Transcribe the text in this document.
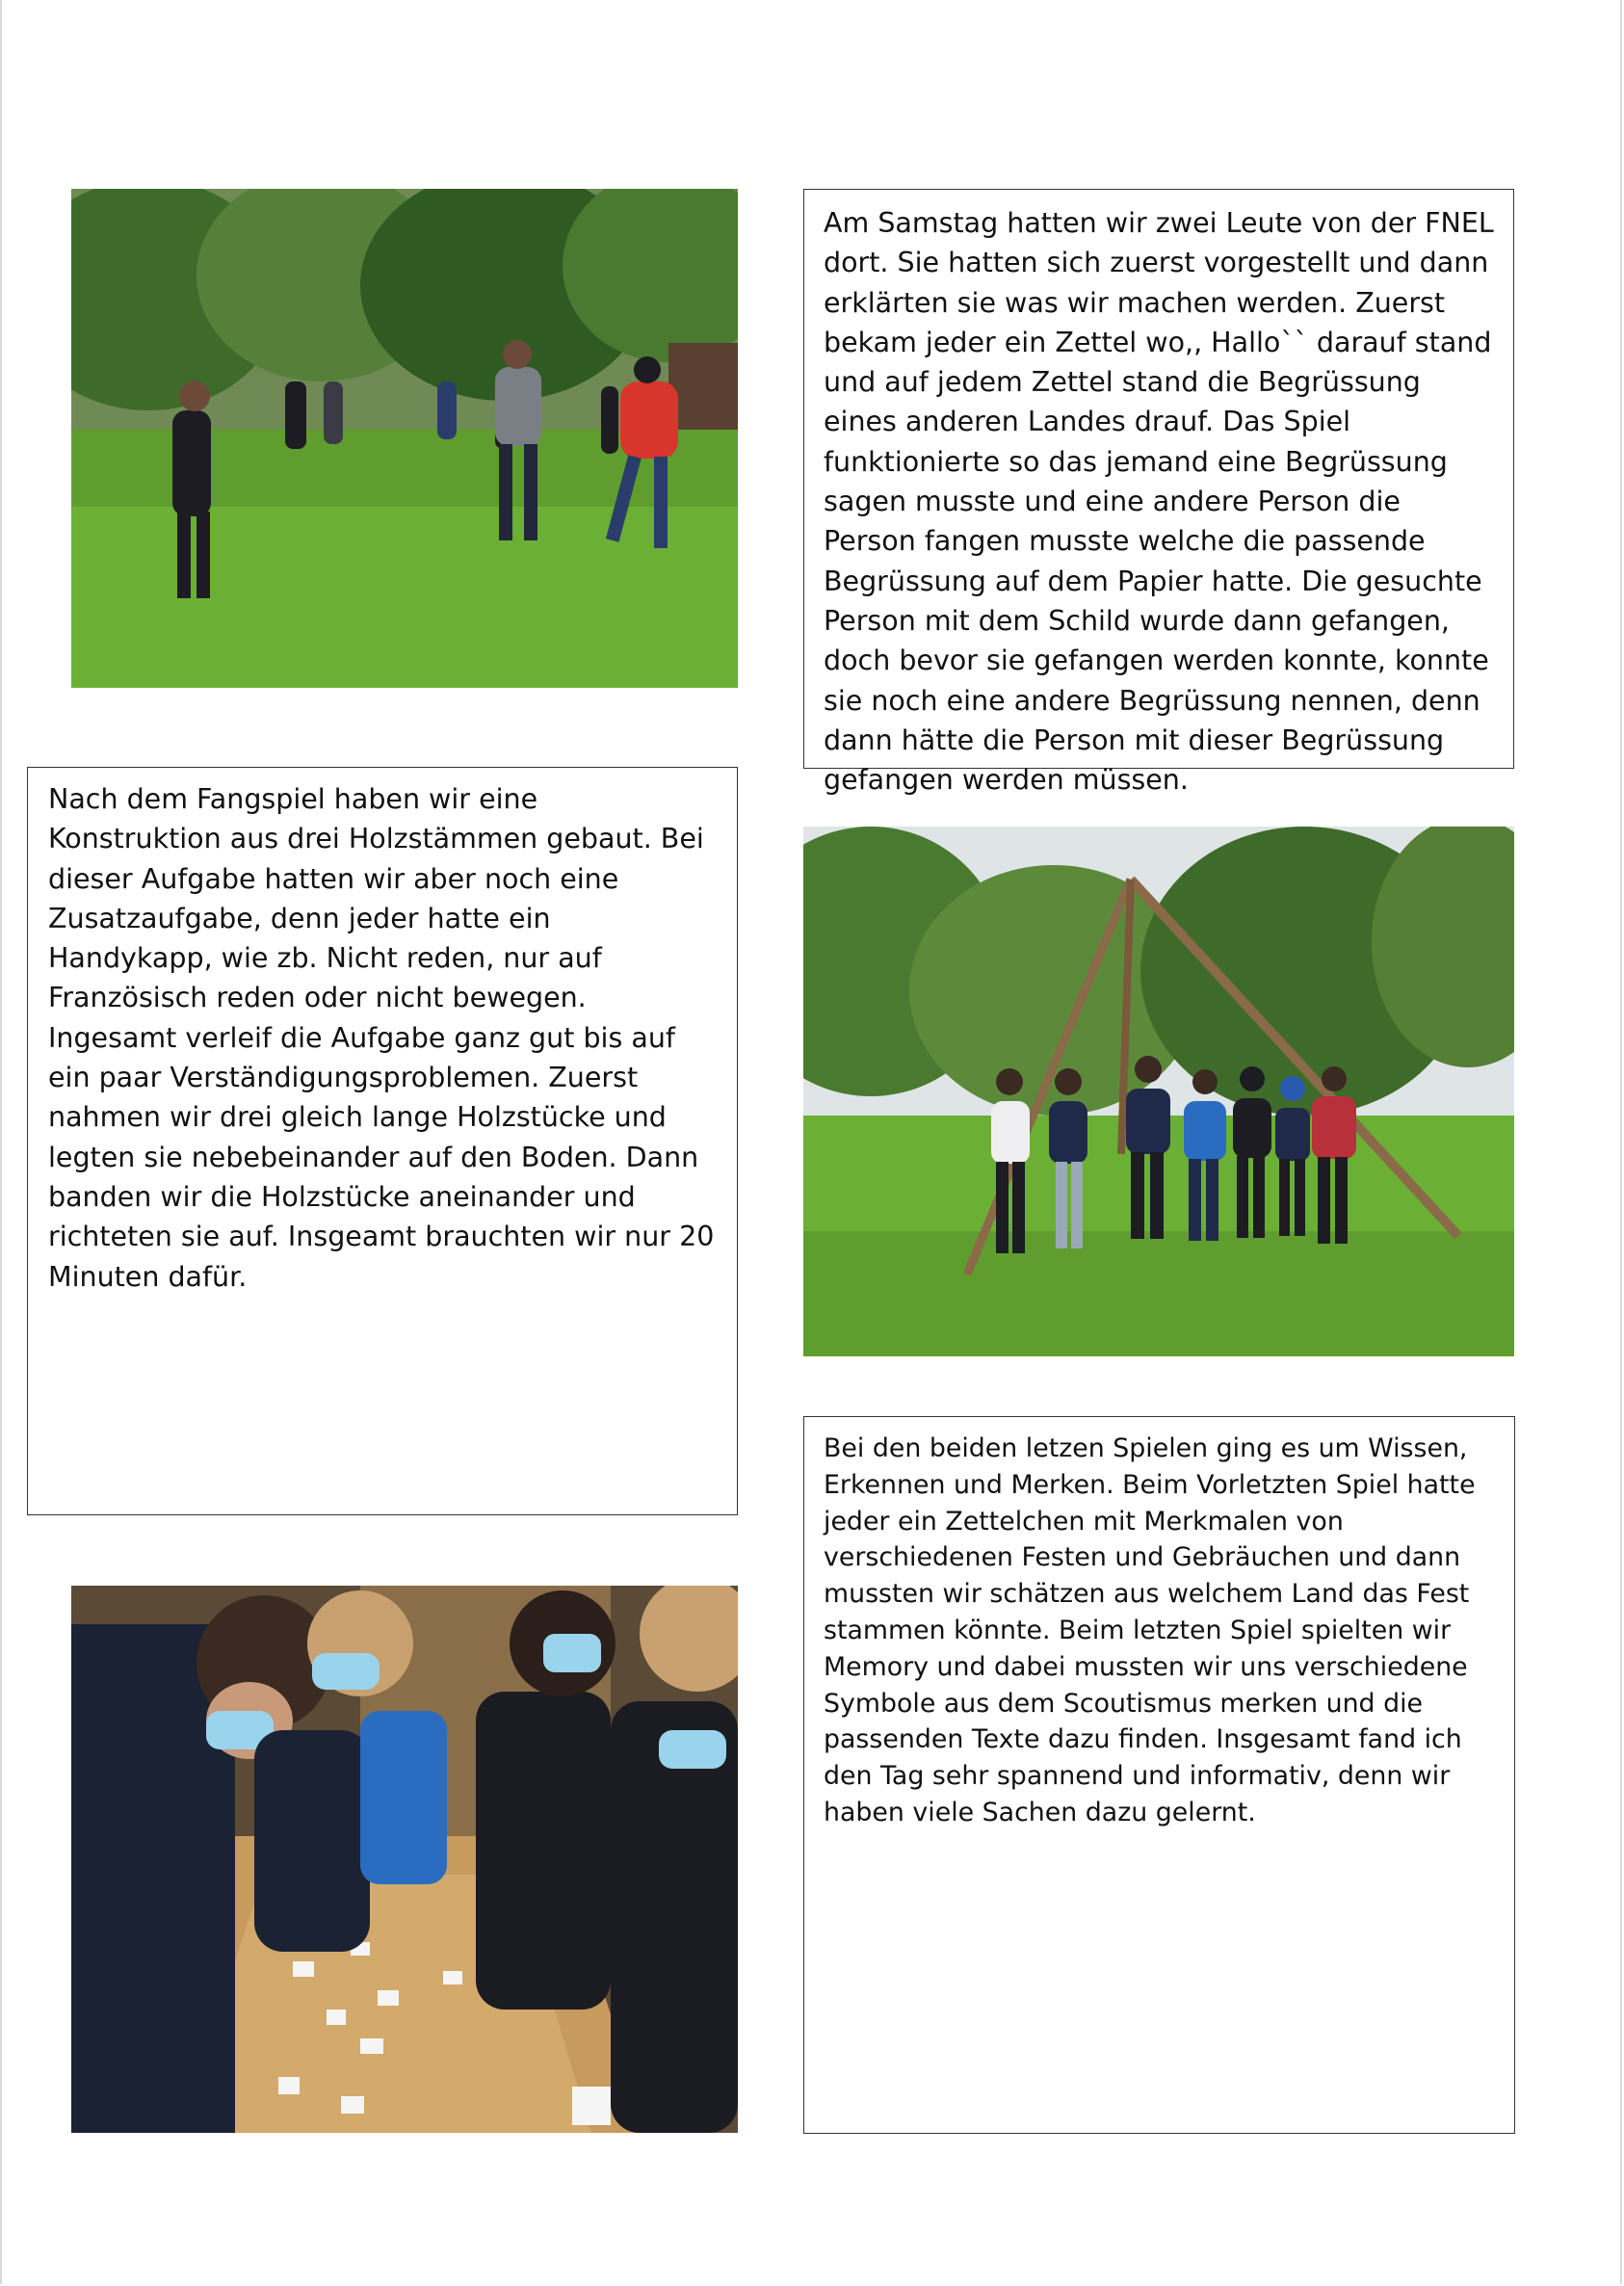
Am Samstag hatten wir zwei Leute von der FNEL dort. Sie hatten sich zuerst vorgestellt und dann erklärten sie was wir machen werden. Zuerst bekam jeder ein Zettel wo,, Hallo`` darauf stand und auf jedem Zettel stand die Begrüssung eines anderen Landes drauf. Das Spiel funktionierte so das jemand eine Begrüssung sagen musste und eine andere Person die Person fangen musste welche die passende Begrüssung auf dem Papier hatte. Die gesuchte Person mit dem Schild wurde dann gefangen, doch bevor sie gefangen werden konnte, konnte sie noch eine andere Begrüssung nennen, denn dann hätte die Person mit dieser Begrüssung gefangen werden müssen.

Nach dem Fangspiel haben wir eine Konstruktion aus drei Holzstämmen gebaut. Bei dieser Aufgabe hatten wir aber noch eine Zusatzaufgabe, denn jeder hatte ein Handykapp, wie zb. Nicht reden, nur auf Französisch reden oder nicht bewegen. Ingesamt verleif die Aufgabe ganz gut bis auf ein paar Verständigungsproblemen. Zuerst nahmen wir drei gleich lange Holzstücke und legten sie nebebeinander auf den Boden. Dann banden wir die Holzstücke aneinander und richteten sie auf. Insgeamt brauchten wir nur 20 Minuten dafür.

Bei den beiden letzen Spielen ging es um Wissen, Erkennen und Merken. Beim Vorletzten Spiel hatte jeder ein Zettelchen mit Merkmalen von verschiedenen Festen und Gebräuchen und dann mussten wir schätzen aus welchem Land das Fest stammen könnte. Beim letzten Spiel spielten wir Memory und dabei mussten wir uns verschiedene Symbole aus dem Scoutismus merken und die passenden Texte dazu finden. Insgesamt fand ich den Tag sehr spannend und informativ, denn wir haben viele Sachen dazu gelernt.
